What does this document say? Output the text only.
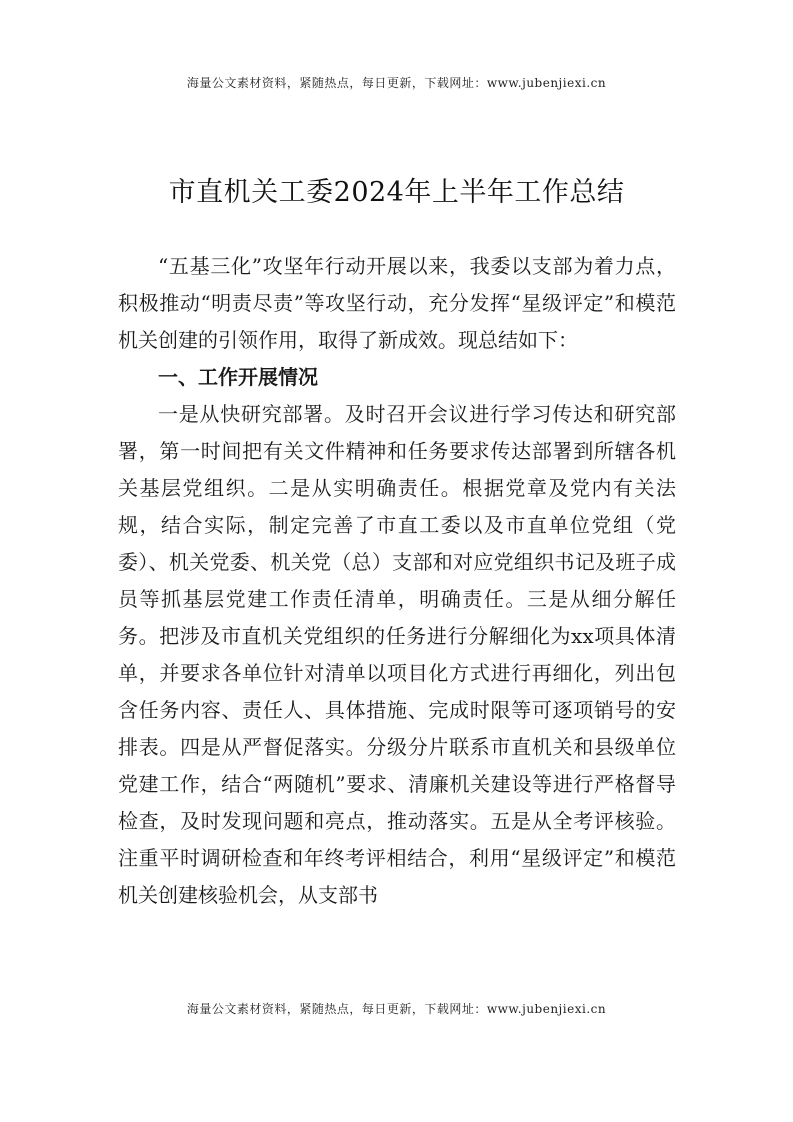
海量公文素材资料，紧随热点，每日更新，下载网址：www.jubenjiexi.cn
市直机关工委2024年上半年工作总结

“五基三化”攻坚年行动开展以来，我委以支部为着力点，积极推动“明责尽责”等攻坚行动，充分发挥“星级评定”和模范机关创建的引领作用，取得了新成效。现总结如下：

一、工作开展情况

一是从快研究部署。及时召开会议进行学习传达和研究部署，第一时间把有关文件精神和任务要求传达部署到所辖各机关基层党组织。二是从实明确责任。根据党章及党内有关法规，结合实际，制定完善了市直工委以及市直单位党组（党委）、机关党委、机关党（总）支部和对应党组织书记及班子成员等抓基层党建工作责任清单，明确责任。三是从细分解任务。把涉及市直机关党组织的任务进行分解细化为xx项具体清单，并要求各单位针对清单以项目化方式进行再细化，列出包含任务内容、责任人、具体措施、完成时限等可逐项销号的安排表。四是从严督促落实。分级分片联系市直机关和县级单位党建工作，结合“两随机”要求、清廉机关建设等进行严格督导检查，及时发现问题和亮点，推动落实。五是从全考评核验。注重平时调研检查和年终考评相结合，利用“星级评定”和模范机关创建核验机会，从支部书

海量公文素材资料，紧随热点，每日更新，下载网址：www.jubenjiexi.cn
